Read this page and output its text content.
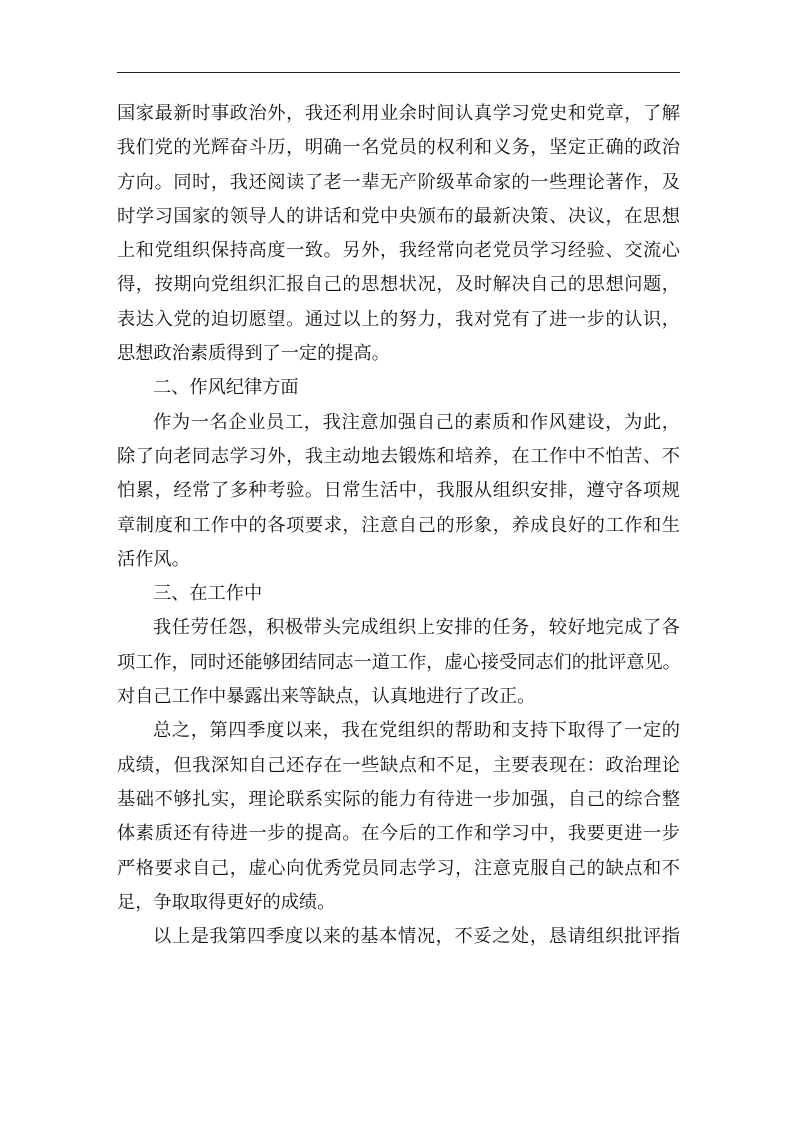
国家最新时事政治外，我还利用业余时间认真学习党史和党章，了解
我们党的光辉奋斗历，明确一名党员的权利和义务，坚定正确的政治
方向。同时，我还阅读了老一辈无产阶级革命家的一些理论著作，及
时学习国家的领导人的讲话和党中央颁布的最新决策、决议，在思想
上和党组织保持高度一致。另外，我经常向老党员学习经验、交流心
得，按期向党组织汇报自己的思想状况，及时解决自己的思想问题，
表达入党的迫切愿望。通过以上的努力，我对党有了进一步的认识，
思想政治素质得到了一定的提高。
二、作风纪律方面
作为一名企业员工，我注意加强自己的素质和作风建设，为此，
除了向老同志学习外，我主动地去锻炼和培养，在工作中不怕苦、不
怕累，经常了多种考验。日常生活中，我服从组织安排，遵守各项规
章制度和工作中的各项要求，注意自己的形象，养成良好的工作和生
活作风。
三、在工作中
我任劳任怨，积极带头完成组织上安排的任务，较好地完成了各
项工作，同时还能够团结同志一道工作，虚心接受同志们的批评意见。
对自己工作中暴露出来等缺点，认真地进行了改正。
总之，第四季度以来，我在党组织的帮助和支持下取得了一定的
成绩，但我深知自己还存在一些缺点和不足，主要表现在：政治理论
基础不够扎实，理论联系实际的能力有待进一步加强，自己的综合整
体素质还有待进一步的提高。在今后的工作和学习中，我要更进一步
严格要求自己，虚心向优秀党员同志学习，注意克服自己的缺点和不
足，争取取得更好的成绩。
以上是我第四季度以来的基本情况，不妥之处，恳请组织批评指
